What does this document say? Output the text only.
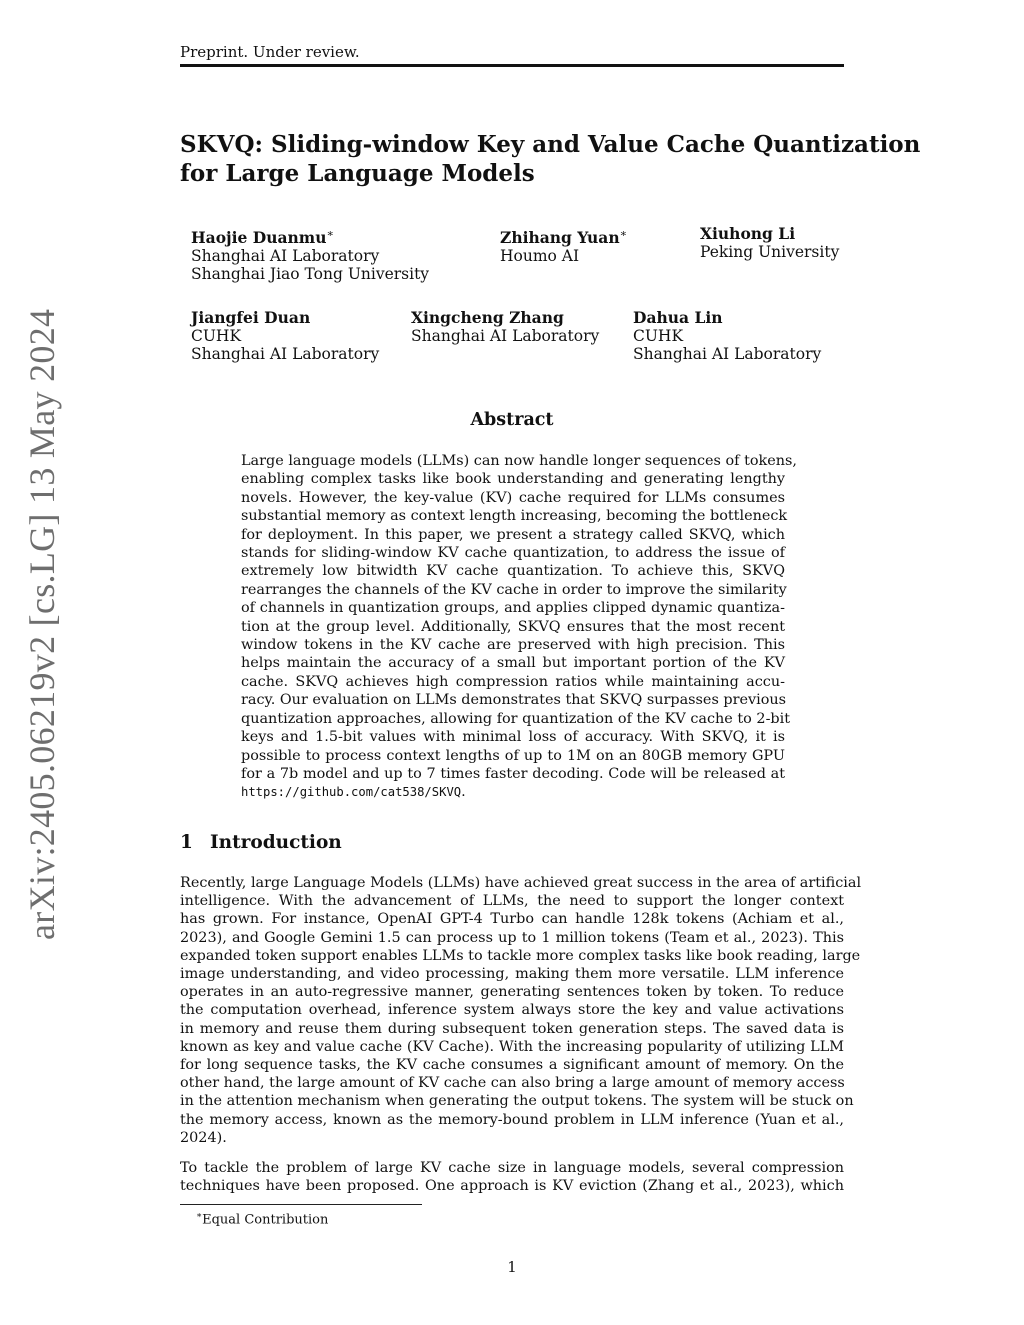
Preprint. Under review.
arXiv:2405.06219v2 [cs.LG] 13 May 2024
SKVQ: Sliding-window Key and Value Cache Quantization
for Large Language Models
Haojie Duanmu∗
Shanghai AI Laboratory
Shanghai Jiao Tong University
Zhihang Yuan∗
Houmo AI
Xiuhong Li
Peking University
Jiangfei Duan
CUHK
Shanghai AI Laboratory
Xingcheng Zhang
Shanghai AI Laboratory
Dahua Lin
CUHK
Shanghai AI Laboratory
Abstract
Large language models (LLMs) can now handle longer sequences of tokens,
enabling complex tasks like book understanding and generating lengthy
novels. However, the key-value (KV) cache required for LLMs consumes
substantial memory as context length increasing, becoming the bottleneck
for deployment. In this paper, we present a strategy called SKVQ, which
stands for sliding-window KV cache quantization, to address the issue of
extremely low bitwidth KV cache quantization. To achieve this, SKVQ
rearranges the channels of the KV cache in order to improve the similarity
of channels in quantization groups, and applies clipped dynamic quantiza-
tion at the group level. Additionally, SKVQ ensures that the most recent
window tokens in the KV cache are preserved with high precision. This
helps maintain the accuracy of a small but important portion of the KV
cache. SKVQ achieves high compression ratios while maintaining accu-
racy. Our evaluation on LLMs demonstrates that SKVQ surpasses previous
quantization approaches, allowing for quantization of the KV cache to 2-bit
keys and 1.5-bit values with minimal loss of accuracy. With SKVQ, it is
possible to process context lengths of up to 1M on an 80GB memory GPU
for a 7b model and up to 7 times faster decoding. Code will be released at
https://github.com/cat538/SKVQ.
1 Introduction
Recently, large Language Models (LLMs) have achieved great success in the area of artificial
intelligence. With the advancement of LLMs, the need to support the longer context
has grown. For instance, OpenAI GPT-4 Turbo can handle 128k tokens (Achiam et al.,
2023), and Google Gemini 1.5 can process up to 1 million tokens (Team et al., 2023). This
expanded token support enables LLMs to tackle more complex tasks like book reading, large
image understanding, and video processing, making them more versatile. LLM inference
operates in an auto-regressive manner, generating sentences token by token. To reduce
the computation overhead, inference system always store the key and value activations
in memory and reuse them during subsequent token generation steps. The saved data is
known as key and value cache (KV Cache). With the increasing popularity of utilizing LLM
for long sequence tasks, the KV cache consumes a significant amount of memory. On the
other hand, the large amount of KV cache can also bring a large amount of memory access
in the attention mechanism when generating the output tokens. The system will be stuck on
the memory access, known as the memory-bound problem in LLM inference (Yuan et al.,
2024).
To tackle the problem of large KV cache size in language models, several compression
techniques have been proposed. One approach is KV eviction (Zhang et al., 2023), which
∗Equal Contribution
1
